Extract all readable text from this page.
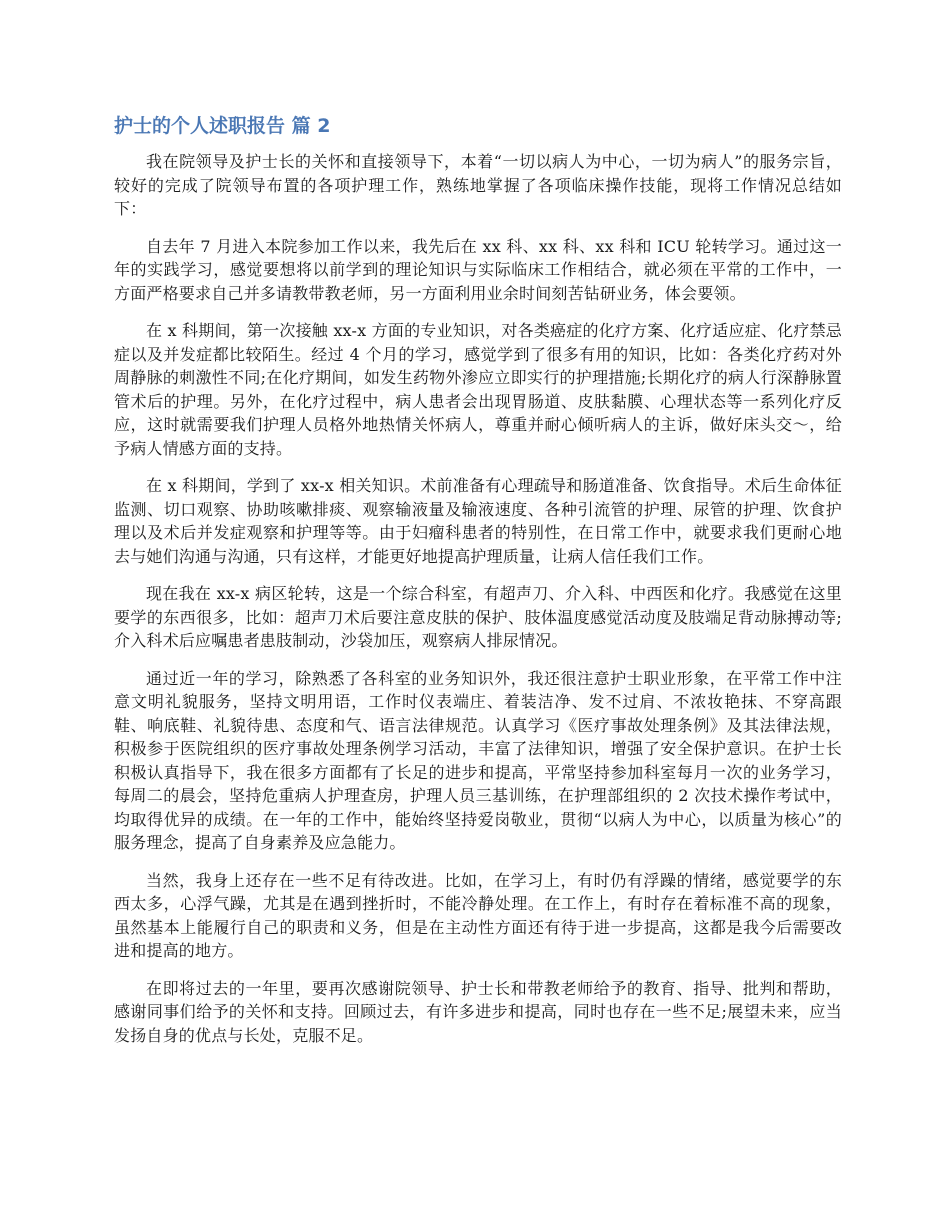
护士的个人述职报告 篇 2

我在院领导及护士长的关怀和直接领导下，本着“一切以病人为中心，一切为病人”的服务宗旨，较好的完成了院领导布置的各项护理工作，熟练地掌握了各项临床操作技能，现将工作情况总结如下：

自去年 7 月进入本院参加工作以来，我先后在 xx 科、xx 科、xx 科和 ICU 轮转学习。通过这一年的实践学习，感觉要想将以前学到的理论知识与实际临床工作相结合，就必须在平常的工作中，一方面严格要求自己并多请教带教老师，另一方面利用业余时间刻苦钻研业务，体会要领。

在 x 科期间，第一次接触 xx-x 方面的专业知识，对各类癌症的化疗方案、化疗适应症、化疗禁忌症以及并发症都比较陌生。经过 4 个月的学习，感觉学到了很多有用的知识，比如：各类化疗药对外周静脉的刺激性不同;在化疗期间，如发生药物外渗应立即实行的护理措施;长期化疗的病人行深静脉置管术后的护理。另外，在化疗过程中，病人患者会出现胃肠道、皮肤黏膜、心理状态等一系列化疗反应，这时就需要我们护理人员格外地热情关怀病人，尊重并耐心倾听病人的主诉，做好床头交～，给予病人情感方面的支持。

在 x 科期间，学到了 xx-x 相关知识。术前准备有心理疏导和肠道准备、饮食指导。术后生命体征监测、切口观察、协助咳嗽排痰、观察输液量及输液速度、各种引流管的护理、尿管的护理、饮食护理以及术后并发症观察和护理等等。由于妇瘤科患者的特别性，在日常工作中，就要求我们更耐心地去与她们沟通与沟通，只有这样，才能更好地提高护理质量，让病人信任我们工作。

现在我在 xx-x 病区轮转，这是一个综合科室，有超声刀、介入科、中西医和化疗。我感觉在这里要学的东西很多，比如：超声刀术后要注意皮肤的保护、肢体温度感觉活动度及肢端足背动脉搏动等;介入科术后应嘱患者患肢制动，沙袋加压，观察病人排尿情况。

通过近一年的学习，除熟悉了各科室的业务知识外，我还很注意护士职业形象，在平常工作中注意文明礼貌服务，坚持文明用语，工作时仪表端庄、着装洁净、发不过肩、不浓妆艳抹、不穿高跟鞋、响底鞋、礼貌待患、态度和气、语言法律规范。认真学习《医疗事故处理条例》及其法律法规，积极参于医院组织的医疗事故处理条例学习活动，丰富了法律知识，增强了安全保护意识。在护士长积极认真指导下，我在很多方面都有了长足的进步和提高，平常坚持参加科室每月一次的业务学习，每周二的晨会，坚持危重病人护理查房，护理人员三基训练，在护理部组织的 2 次技术操作考试中，均取得优异的成绩。在一年的工作中，能始终坚持爱岗敬业，贯彻“以病人为中心，以质量为核心”的服务理念，提高了自身素养及应急能力。

当然，我身上还存在一些不足有待改进。比如，在学习上，有时仍有浮躁的情绪，感觉要学的东西太多，心浮气躁，尤其是在遇到挫折时，不能冷静处理。在工作上，有时存在着标准不高的现象，虽然基本上能履行自己的职责和义务，但是在主动性方面还有待于进一步提高，这都是我今后需要改进和提高的地方。

在即将过去的一年里，要再次感谢院领导、护士长和带教老师给予的教育、指导、批判和帮助，感谢同事们给予的关怀和支持。回顾过去，有许多进步和提高，同时也存在一些不足;展望未来，应当发扬自身的优点与长处，克服不足。
